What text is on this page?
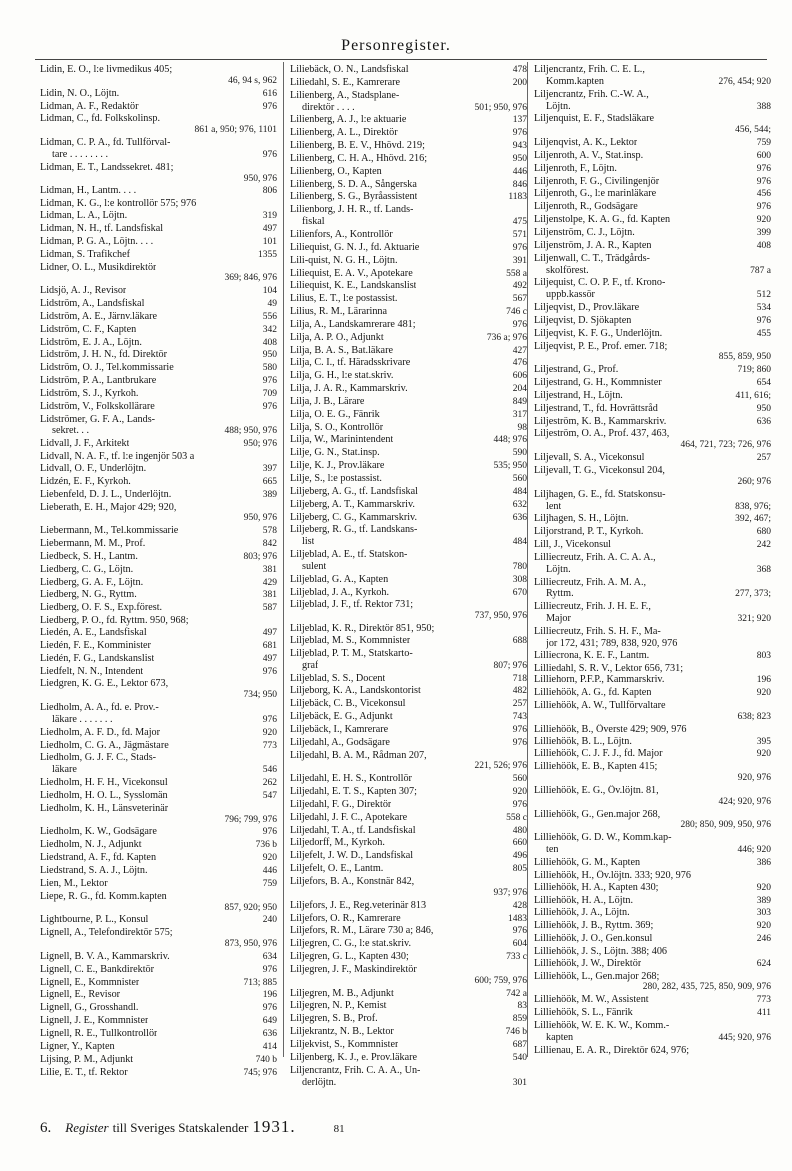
Personregister.
Lidin, E. O., l:e livmedikus 405;
46, 94 s, 962
Lidin, N. O., Löjtn.	616
Lidman, A. F., Redaktör	976
Lidman, C., fd. Folkskolinsp.
861 a, 950; 976, 1101
Lidman, C. P. A., fd. Tullförval-
tare . . . . . . . .	976
Lidman, E. T., Landssekret. 481;
950, 976
Lidman, H., Lantm. . . .	806
Lidman, K. G., l:e kontrollör 575; 976
Lidman, L. A., Löjtn.	319
Lidman, N. H., tf. Landsfiskal	497
Lidman, P. G. A., Löjtn. . . .	101
Lidman, S. Trafikchef	1355
Lidner, O. L., Musikdirektör
369; 846, 976
Lidsjö, A. J., Revisor	104
Lidström, A., Landsfiskal	49
Lidström, A. E., Järnv.läkare	556
Lidström, C. F., Kapten	342
Lidström, E. J. A., Löjtn.	408
Lidström, J. H. N., fd. Direktör	950
Lidström, O. J., Tel.kommissarie	580
Lidström, P. A., Lantbrukare	976
Lidström, S. J., Kyrkoh.	709
Lidström, V., Folkskollärare	976
Lidströmer, G. F. A., Lands-
sekret. . .	488; 950, 976
Lidvall, J. F., Arkitekt	950; 976
Lidvall, N. A. F., tf. l:e ingenjör 503 a
Lidvall, O. F., Underlöjtn.	397
Lidzén, E. F., Kyrkoh.	665
Liebenfeld, D. J. L., Underlöjtn.	389
Lieberath, E. H., Major 429; 920,
950, 976
Liebermann, M., Tel.kommissarie	578
Liebermann, M. M., Prof.	842
Liedbeck, S. H., Lantm.	803; 976
Liedberg, C. G., Löjtn.	381
Liedberg, G. A. F., Löjtn.	429
Liedberg, N. G., Ryttm.	381
Liedberg, O. F. S., Exp.förest.	587
Liedberg, P. O., fd. Ryttm. 950, 968;
Liedén, A. E., Landsfiskal	497
Liedén, F. E., Komminister	681
Liedén, F. G., Landskanslist	497
Liedfelt, N. N., Intendent	976
Liedgren, K. G. E., Lektor 673,
734; 950
Liedholm, A. A., fd. e. Prov.-
läkare . . . . . . .	976
Liedholm, A. F. D., fd. Major	920
Liedholm, C. G. A., Jägmästare	773
Liedholm, G. J. F. C., Stads-
läkare	546
Liedholm, H. F. H., Vicekonsul	262
Liedholm, H. O. L., Sysslomän	547
Liedholm, K. H., Länsveterinär
796; 799, 976
Liedholm, K. W., Godsägare	976
Liedholm, N. J., Adjunkt	736 b
Liedstrand, A. F., fd. Kapten	920
Liedstrand, S. A. J., Löjtn.	446
Lien, M., Lektor	759
Liepe, R. G., fd. Komm.kapten
857, 920; 950
Lightbourne, P. L., Konsul	240
Lignell, A., Telefondirektör 575;
873, 950, 976
Lignell, B. V. A., Kammarskriv.	634
Lignell, C. E., Bankdirektör	976
Lignell, E., Kommnister	713; 885
Lignell, E., Revisor	196
Lignell, G., Grosshandl.	976
Lignell, J. E., Kommnister	649
Lignell, R. E., Tullkontrollör	636
Ligner, Y., Kapten	414
Lijsing, P. M., Adjunkt	740 b
Lilie, E. T., tf. Rektor	745; 976
Liliebäck, O. N., Landsfiskal	478
Liliedahl, S. E., Kamrerare	200
Lilienberg, A., Stadsplane-
direktör . . . .	501; 950, 976
Lilienberg, A. J., l:e aktuarie	137
Lilienberg, A. L., Direktör	976
Lilienberg, B. E. V., Hhövd. 219;	943
Lilienberg, C. H. A., Hhövd. 216;	950
Lilienberg, O., Kapten	446
Lilienberg, S. D. A., Sångerska	846
Lilienberg, S. G., Byråassistent	1183
Lilienborg, J. H. R., tf. Lands-
fiskal	475
Lilienfors, A., Kontrollör	571
Liliequist, G. N. J., fd. Aktuarie	976
Lili-quist, N. G. H., Löjtn.	391
Liliequist, E. A. V., Apotekare	558 a
Liliequist, K. E., Landskanslist	492
Lilius, E. T., l:e postassist.	567
Lilius, R. M., Lärarinna	746 c
Lilja, A., Landskamrerare 481;	976
Lilja, A. P. O., Adjunkt	736 a; 976
Lilja, B. A. S., Bat.läkare	427
Lilja, C. I., tf. Häradsskrivare	476
Lilja, G. H., l:e stat.skriv.	606
Lilja, J. A. R., Kammarskriv.	204
Lilja, J. B., Lärare	849
Lilja, O. E. G., Fänrik	317
Lilja, S. O., Kontrollör	98
Lilja, W., Marinintendent	448; 976
Lilje, G. N., Stat.insp.	590
Lilje, K. J., Prov.läkare	535; 950
Lilje, S., l:e postassist.	560
Liljeberg, A. G., tf. Landsfiskal	484
Liljeberg, A. T., Kammarskriv.	632
Liljeberg, C. G., Kammarskriv.	636
Liljeberg, R. G., tf. Landskans-
list	484
Liljeblad, A. E., tf. Statskon-
sulent	780
Liljeblad, G. A., Kapten	308
Liljeblad, J. A., Kyrkoh.	670
Liljeblad, J. F., tf. Rektor 731;
737, 950, 976
Liljeblad, K. R., Direktör 851, 950;
Liljeblad, M. S., Kommnister	688
Liljeblad, P. T. M., Statskarto-
graf	807; 976
Liljeblad, S. S., Docent	718
Liljeborg, K. A., Landskontorist	482
Liljebäck, C. B., Vicekonsul	257
Liljebäck, E. G., Adjunkt	743
Liljebäck, I., Kamrerare	976
Liljedahl, A., Godsägare	976
Liljedahl, B. A. M., Rådman 207,
221, 526; 976
Liljedahl, E. H. S., Kontrollör	560
Liljedahl, E. T. S., Kapten 307;	920
Liljedahl, F. G., Direktör	976
Liljedahl, J. F. C., Apotekare	558 c
Liljedahl, T. A., tf. Landsfiskal	480
Liljedorff, M., Kyrkoh.	660
Liljefelt, J. W. D., Landsfiskal	496
Liljefelt, O. E., Lantm.	805
Liljefors, B. A., Konstnär 842,
937; 976
Liljefors, J. E., Reg.veterinär 813	428
Liljefors, O. R., Kamrerare	1483
Liljefors, R. M., Lärare 730 a; 846,	976
Liljegren, C. G., l:e stat.skriv.	604
Liljegren, G. L., Kapten 430;	733 c
Liljegren, J. F., Maskindirektör
600; 759, 976
Liljegren, M. B., Adjunkt	742 a
Liljegren, N. P., Kemist	83
Liljegren, S. B., Prof.	859
Liljekrantz, N. B., Lektor	746 b
Liljekvist, S., Kommnister	687
Liljenberg, K. J., e. Prov.läkare	540
Liljencrantz, Frih. C. A. A., Un-
derlöjtn.	301
Liljencrantz, Frih. C. E. L.,
Komm.kapten	276, 454; 920
Liljencrantz, Frih. C.-W. A.,
Löjtn.	388
Liljenquist, E. F., Stadsläkare
456, 544;
Liljenqvist, A. K., Lektor	759
Liljenroth, A. V., Stat.insp.	600
Liljenroth, F., Löjtn.	976
Liljenroth, F. G., Civilingenjör	976
Liljenroth, G., l:e marinläkare	456
Liljenroth, R., Godsägare	976
Liljenstolpe, K. A. G., fd. Kapten	920
Liljenström, C. J., Löjtn.	399
Liljenström, J. A. R., Kapten	408
Liljenwall, C. T., Trädgårds-
skolförest.	787 a
Liljequist, C. O. P. F., tf. Krono-
uppb.kassör	512
Liljeqvist, D., Prov.läkare	534
Liljeqvist, D. Sjökapten	976
Liljeqvist, K. F. G., Underlöjtn.	455
Liljeqvist, P. E., Prof. emer. 718;
855, 859, 950
Liljestrand, G., Prof.	719; 860
Liljestrand, G. H., Kommnister	654
Liljestrand, H., Löjtn.	411, 616;
Liljestrand, T., fd. Hovrättsråd	950
Liljeström, K. B., Kammarskriv.	636
Liljeström, O. A., Prof. 437, 463,
464, 721, 723; 726, 976
Liljevall, S. A., Vicekonsul	257
Liljevall, T. G., Vicekonsul 204,
260; 976
Liljhagen, G. E., fd. Statskonsu-
lent	838, 976;
Liljhagen, S. H., Löjtn.	392, 467;
Liljorstrand, P. T., Kyrkoh.	680
Lill, J., Vicekonsul	242
Lilliecreutz, Frih. A. C. A. A.,
Löjtn.	368
Lilliecreutz, Frih. A. M. A.,
Ryttm.	277, 373;
Lilliecreutz, Frih. J. H. E. F.,
Major	321; 920
Lilliecreutz, Frih. S. H. F., Ma-
jor 172, 431; 789, 838, 920, 976
Lilliecrona, K. E. F., Lantm.	803
Lilliedahl, S. R. V., Lektor 656, 731;
Lilliehorn, P.F.P., Kammarskriv.	196
Lilliehöök, A. G., fd. Kapten	920
Lilliehöök, A. W., Tullförvaltare
638; 823
Lilliehöök, B., Överste 429; 909, 976
Lilliehöök, B. L., Löjtn.	395
Lilliehöök, C. J. F. J., fd. Major	920
Lilliehöök, E. B., Kapten 415;
920, 976
Lilliehöök, E. G., Öv.löjtn. 81,
424; 920, 976
Lilliehöök, G., Gen.major 268,
280; 850, 909, 950, 976
Lilliehöök, G. D. W., Komm.kap-
ten	446; 920
Lilliehöök, G. M., Kapten	386
Lilliehöök, H., Öv.löjtn. 333; 920, 976
Lilliehöök, H. A., Kapten 430;	920
Lilliehöök, H. A., Löjtn.	389
Lilliehöök, J. A., Löjtn.	303
Lilliehöök, J. B., Ryttm. 369;	920
Lilliehöök, J. O., Gen.konsul	246
Lilliehöök, J. S., Löjtn. 388; 406
Lilliehöök, J. W., Direktör	624
Lilliehöök, L., Gen.major 268;
280, 282, 435, 725, 850, 909, 976
Lilliehöök, M. W., Assistent	773
Lilliehöök, S. L., Fänrik	411
Lilliehöök, W. E. K. W., Komm.-
kapten	445; 920, 976
Lillienau, E. A. R., Direktör 624, 976;
6. Register till Sveriges Statskalender 1931.	81
